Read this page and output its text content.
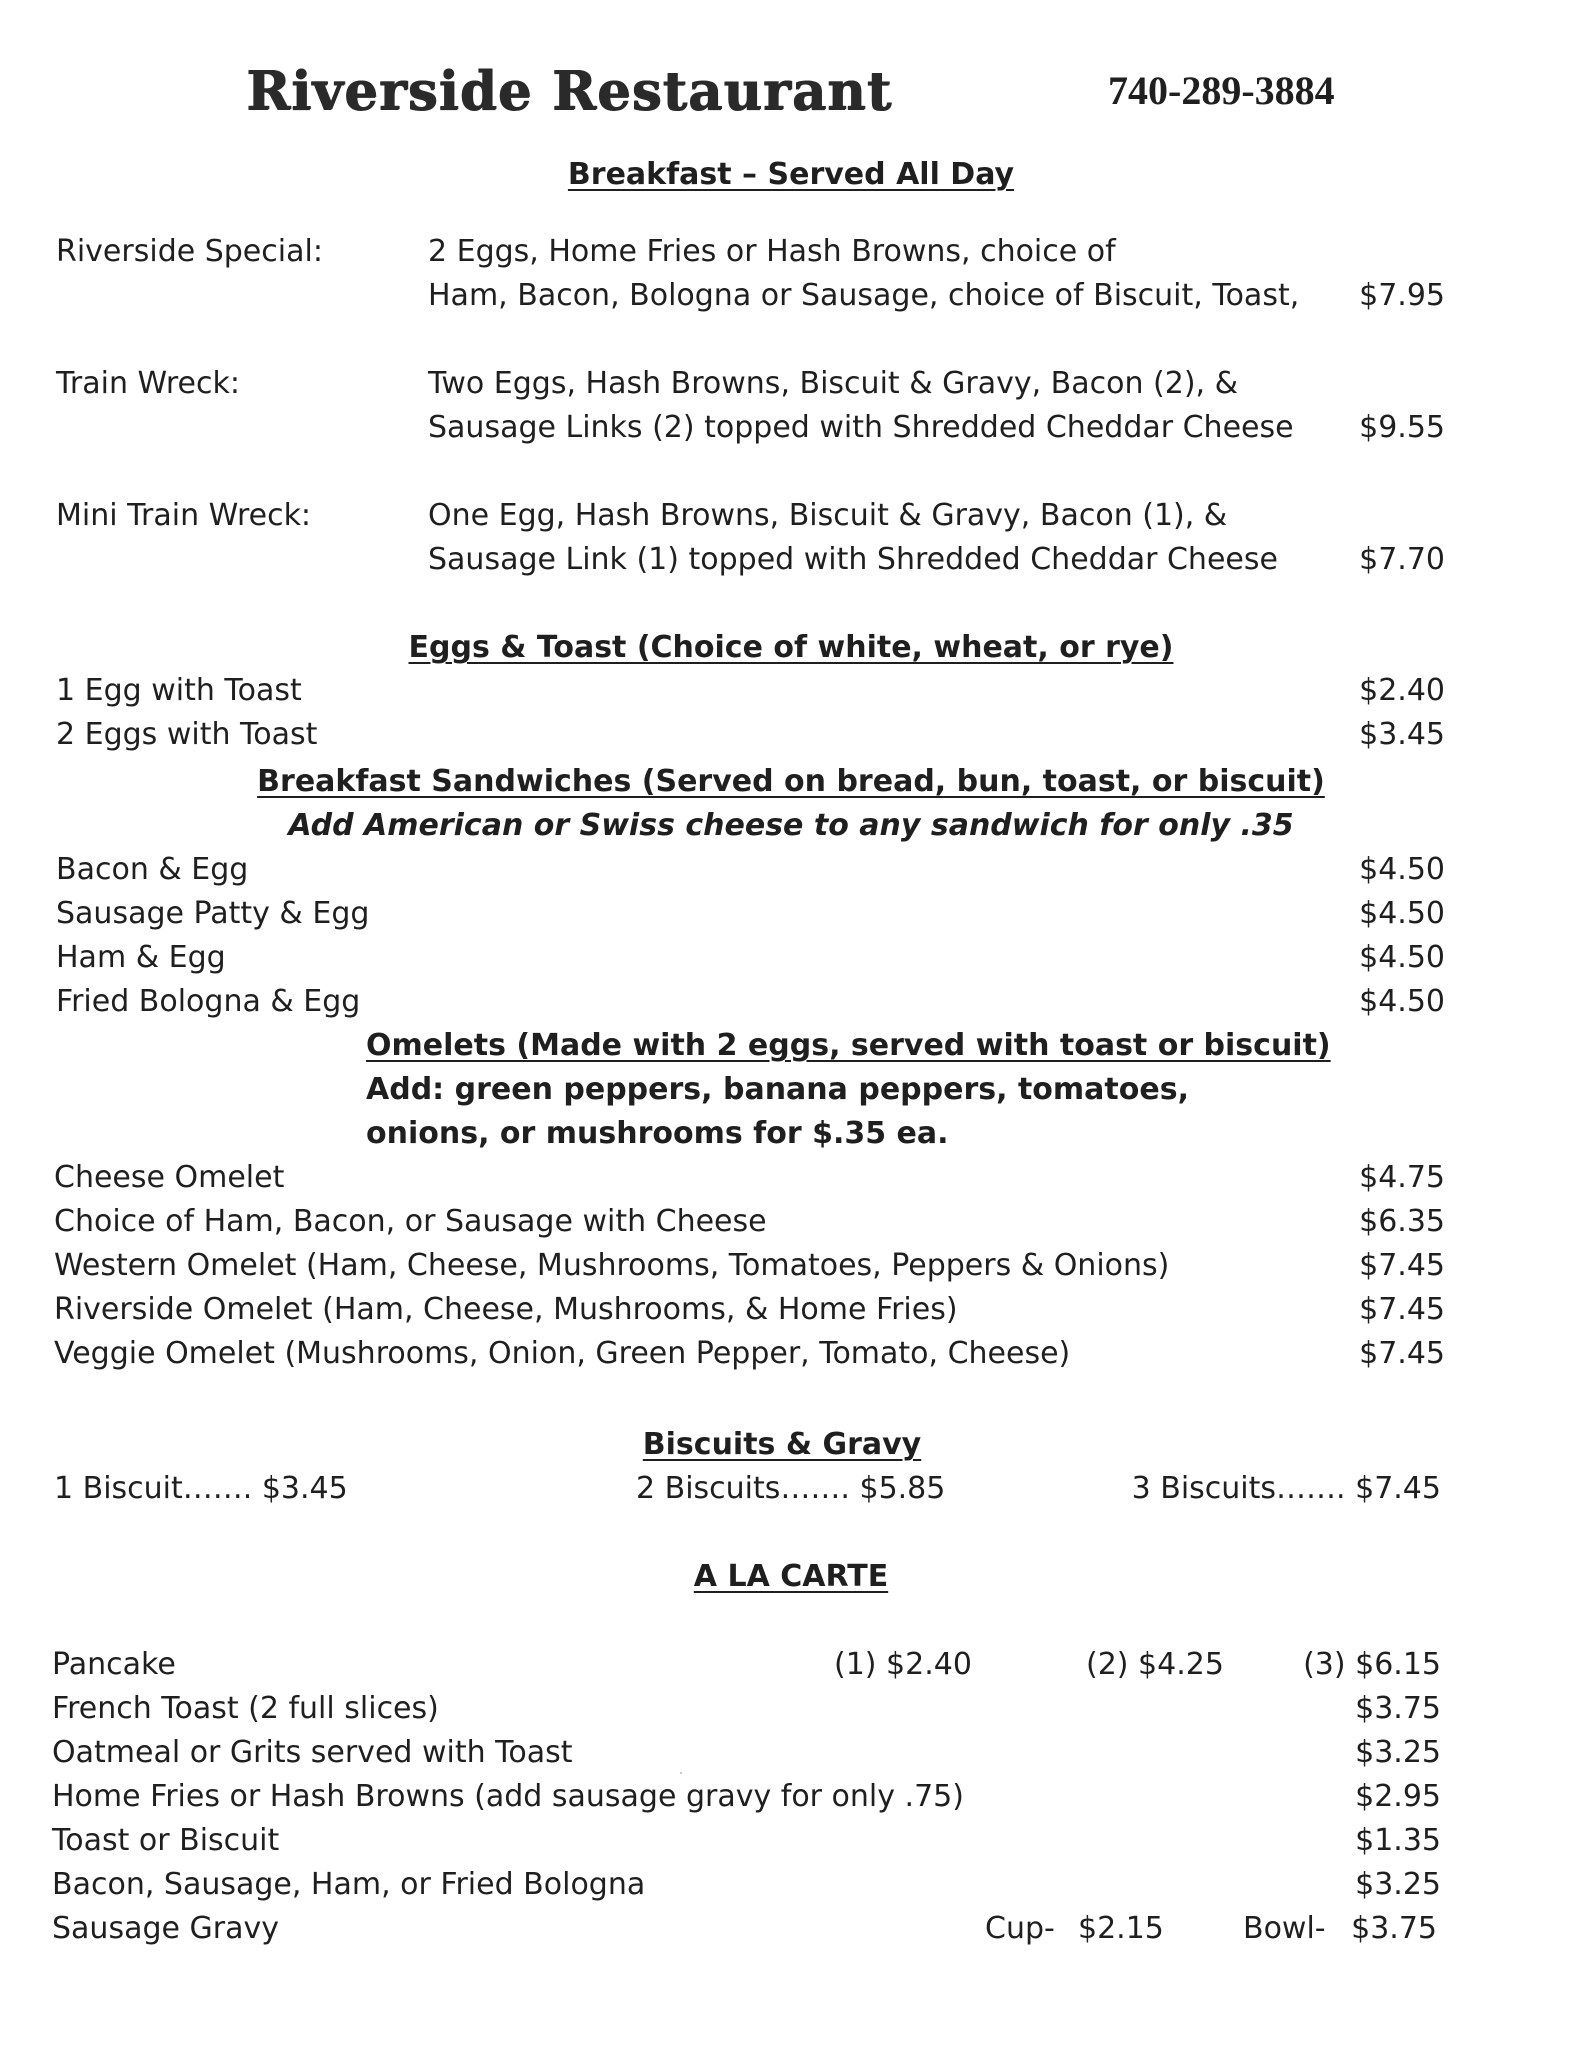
Riverside Restaurant	740-289-3884
Breakfast – Served All Day
Riverside Special:	2 Eggs, Home Fries or Hash Browns, choice of
Ham, Bacon, Bologna or Sausage, choice of Biscuit, Toast, $7.95
Train Wreck:	Two Eggs, Hash Browns, Biscuit & Gravy, Bacon (2), &
Sausage Links (2) topped with Shredded Cheddar Cheese $9.55
Mini Train Wreck:	One Egg, Hash Browns, Biscuit & Gravy, Bacon (1), &
Sausage Link (1) topped with Shredded Cheddar Cheese	$7.70
Eggs & Toast (Choice of white, wheat, or rye)
1 Egg with Toast	$2.40
2 Eggs with Toast	$3.45
Breakfast Sandwiches (Served on bread, bun, toast, or biscuit)
Add American or Swiss cheese to any sandwich for only .35
Bacon & Egg	$4.50
Sausage Patty & Egg	$4.50
Ham & Egg	$4.50
Fried Bologna & Egg	$4.50
Omelets (Made with 2 eggs, served with toast or biscuit)
Add: green peppers, banana peppers, tomatoes,
onions, or mushrooms for $.35 ea.
Cheese Omelet	$4.75
Choice of Ham, Bacon, or Sausage with Cheese	$6.35
Western Omelet (Ham, Cheese, Mushrooms, Tomatoes, Peppers & Onions)	$7.45
Riverside Omelet (Ham, Cheese, Mushrooms, & Home Fries)	$7.45
Veggie Omelet (Mushrooms, Onion, Green Pepper, Tomato, Cheese)	$7.45
Biscuits & Gravy
1 Biscuit……. $3.45	2 Biscuits……. $5.85	3 Biscuits……. $7.45
A LA CARTE
Pancake	(1) $2.40	(2) $4.25	(3) $6.15
French Toast (2 full slices)	$3.75
Oatmeal or Grits served with Toast	$3.25
Home Fries or Hash Browns (add sausage gravy for only .75)	$2.95
Toast or Biscuit	$1.35
Bacon, Sausage, Ham, or Fried Bologna	$3.25
Sausage Gravy	Cup- $2.15	Bowl- $3.75
